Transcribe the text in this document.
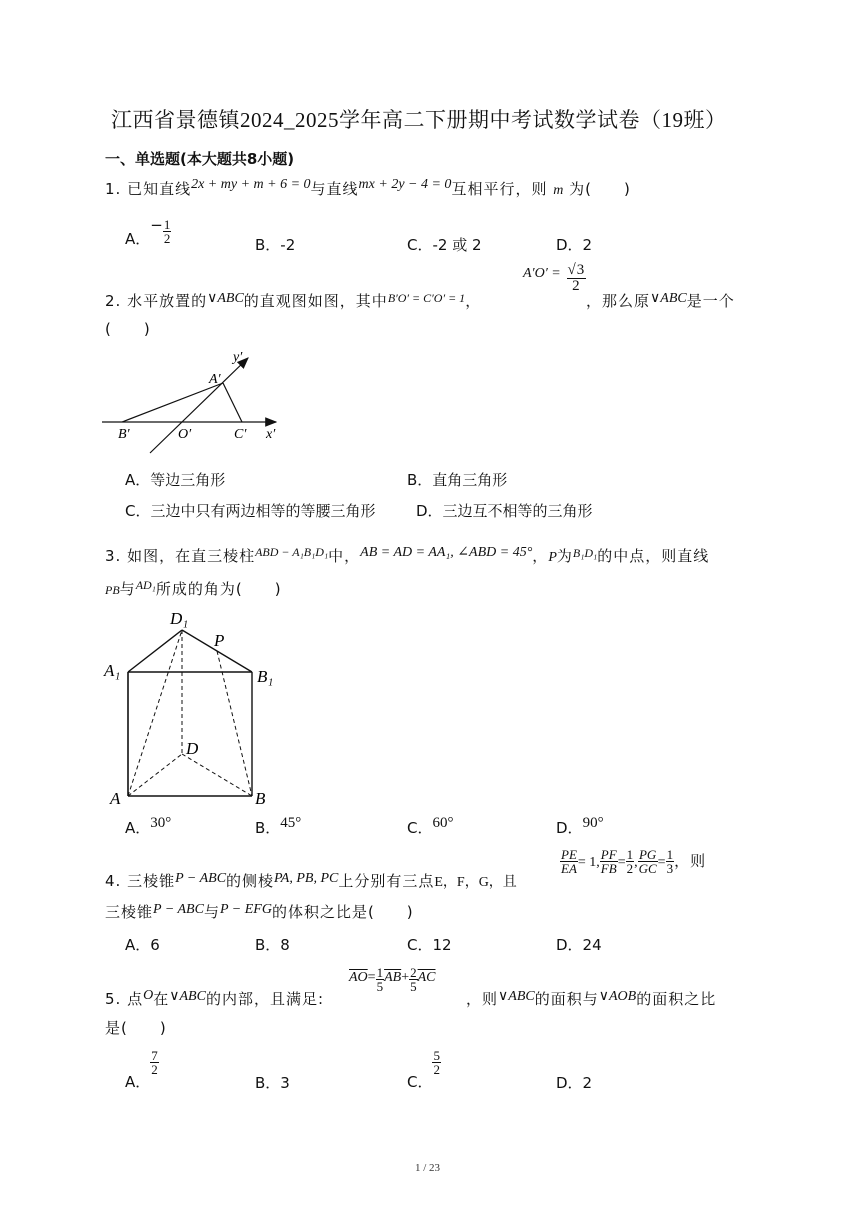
江西省景德镇2024_2025学年高二下册期中考试数学试卷（19班）
一、单选题(本大题共8小题)
1. 已知直线2x + my + m + 6 = 0与直线mx + 2y − 4 = 0互相平行，则 m 为(　　)
A．− $\frac{1}{2}$	B．-2	C．-2 或 2	D．2
2. 水平放置的∨ABC的直观图如图，其中$^{B'O' = C'O' = 1}$，
$A'O' = \frac{√3}{2}$
，那么原∨ABC是一个
(　　)
y′
A′
B′	O′	C′ x′
A．等边三角形	B．直角三角形
C．三边中只有两边相等的等腰三角形	D．三边互不相等的三角形
3. 如图，在直三棱柱$^{ABD - A_1B_1D_1}$中，AB = AD = AA₁, ∠ABD = 45°，P为$^{B_1D_1}$的中点，则直线
PB与$^{AD_1}$所成的角为(　　)
D₁
P
A₁	B₁
D
A	B
A．30°	B．45°	C．60°	D．90°
4. 三棱锥P − ABC的侧棱PA, PB, PC上分别有三点E，F，G，且
$\frac{PE}{EA} = 1$, $\frac{PF}{FB} = \frac{1}{2}$ , $\frac{PG}{GC} = \frac{1}{3}$ ，则
三棱锥P − ABC与P − EFG的体积之比是(　　)
A．6	B．8	C．12	D．24
5. 点O在∨ABC的内部，且满足:
$\overline{AO}= \frac{1}{5} \overline{AB}+ \frac{2}{5} \overline{AC}$
，则∨ABC的面积与∨AOB的面积之比
是(　　)
A．
$\frac{7}{2}$
B．3	C．
$\frac{5}{2}$
D．2
1 / 23
